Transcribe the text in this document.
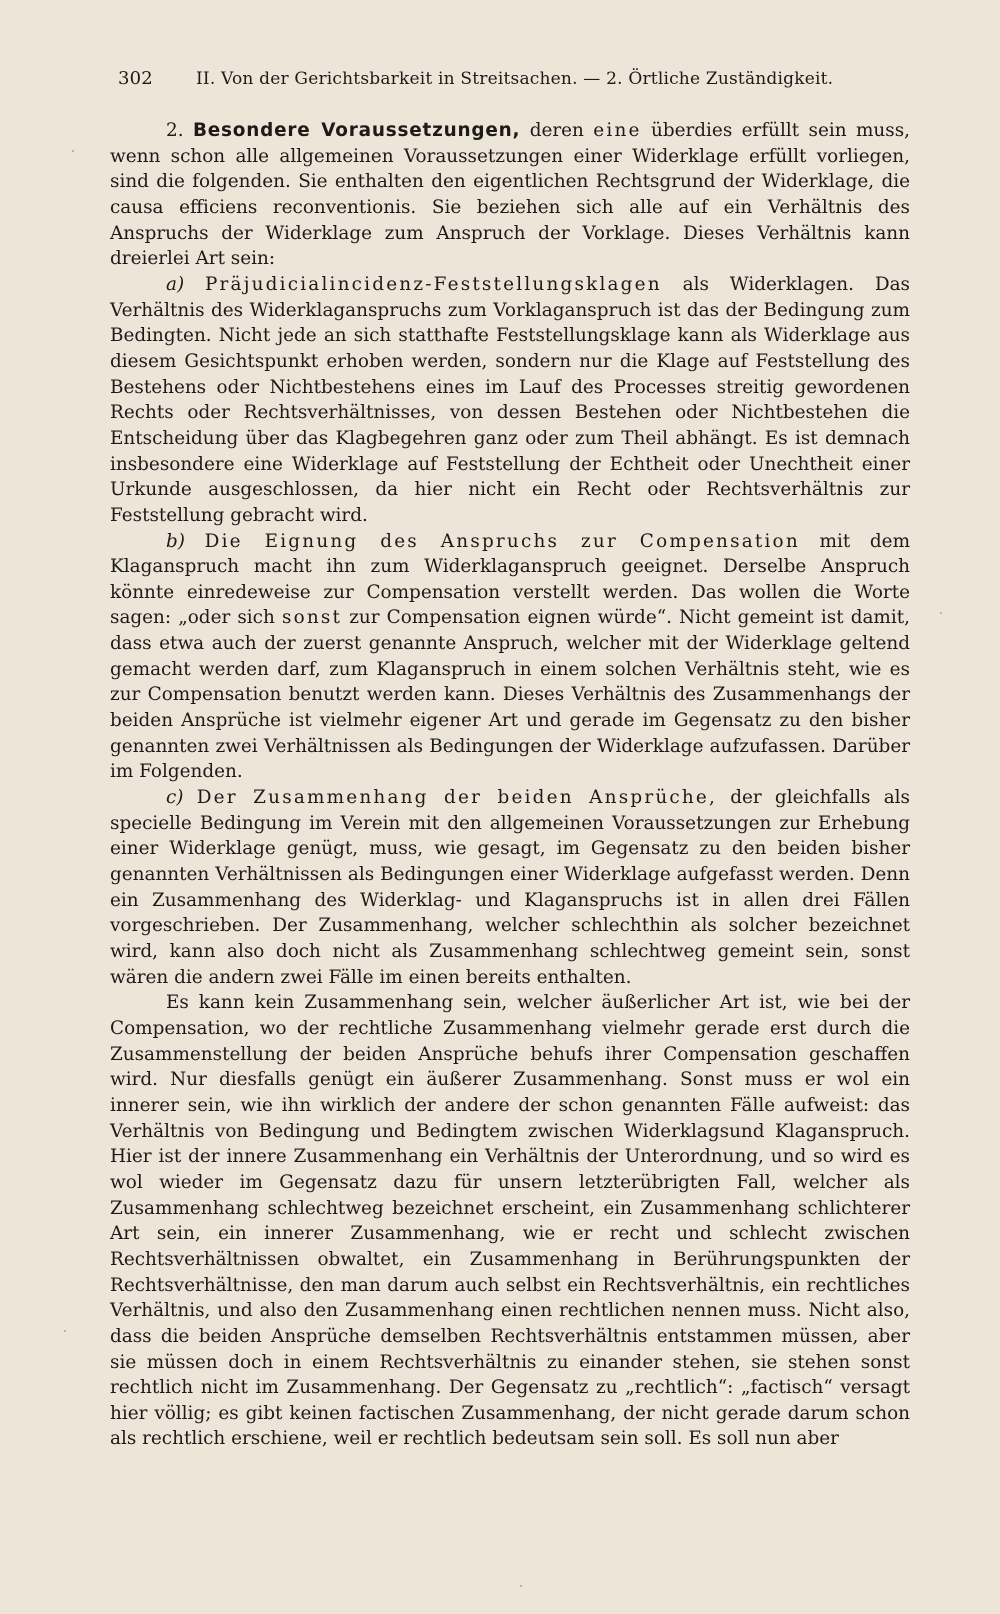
302	II. Von der Gerichtsbarkeit in Streitsachen. — 2. Örtliche Zuständigkeit.

2. Besondere Voraussetzungen, deren eine überdies erfüllt sein muss, wenn schon alle allgemeinen Voraussetzungen einer Widerklage erfüllt vorliegen, sind die folgenden. Sie enthalten den eigentlichen Rechtsgrund der Widerklage, die causa efficiens reconventionis. Sie beziehen sich alle auf ein Verhältnis des Anspruchs der Widerklage zum Anspruch der Vorklage. Dieses Verhältnis kann dreierlei Art sein:

a) Präjudicialincidenz-Feststellungsklagen als Widerklagen. Das Verhältnis des Widerklaganspruchs zum Vorklaganspruch ist das der Bedingung zum Bedingten. Nicht jede an sich statthafte Feststellungsklage kann als Widerklage aus diesem Gesichtspunkt erhoben werden, sondern nur die Klage auf Feststellung des Bestehens oder Nichtbestehens eines im Lauf des Processes streitig gewordenen Rechts oder Rechtsverhältnisses, von dessen Bestehen oder Nichtbestehen die Entscheidung über das Klagbegehren ganz oder zum Theil abhängt. Es ist demnach insbesondere eine Widerklage auf Feststellung der Echtheit oder Unechtheit einer Urkunde ausgeschlossen, da hier nicht ein Recht oder Rechtsverhältnis zur Feststellung gebracht wird.

b) Die Eignung des Anspruchs zur Compensation mit dem Klaganspruch macht ihn zum Widerklaganspruch geeignet. Derselbe Anspruch könnte einredeweise zur Compensation verstellt werden. Das wollen die Worte sagen: „oder sich sonst zur Compensation eignen würde“. Nicht gemeint ist damit, dass etwa auch der zuerst genannte Anspruch, welcher mit der Widerklage geltend gemacht werden darf, zum Klaganspruch in einem solchen Verhältnis steht, wie es zur Compensation benutzt werden kann. Dieses Verhältnis des Zusammenhangs der beiden Ansprüche ist vielmehr eigener Art und gerade im Gegensatz zu den bisher genannten zwei Verhältnissen als Bedingungen der Widerklage aufzufassen. Darüber im Folgenden.

c) Der Zusammenhang der beiden Ansprüche, der gleichfalls als specielle Bedingung im Verein mit den allgemeinen Voraussetzungen zur Erhebung einer Widerklage genügt, muss, wie gesagt, im Gegensatz zu den beiden bisher genannten Verhältnissen als Bedingungen einer Widerklage aufgefasst werden. Denn ein Zusammenhang des Widerklag- und Klaganspruchs ist in allen drei Fällen vorgeschrieben. Der Zusammenhang, welcher schlechthin als solcher bezeichnet wird, kann also doch nicht als Zusammenhang schlechtweg gemeint sein, sonst wären die andern zwei Fälle im einen bereits enthalten.

Es kann kein Zusammenhang sein, welcher äußerlicher Art ist, wie bei der Compensation, wo der rechtliche Zusammenhang vielmehr gerade erst durch die Zusammenstellung der beiden Ansprüche behufs ihrer Compensation geschaffen wird. Nur diesfalls genügt ein äußerer Zusammenhang. Sonst muss er wol ein innerer sein, wie ihn wirklich der andere der schon genannten Fälle aufweist: das Verhältnis von Bedingung und Bedingtem zwischen Widerklagsund Klaganspruch. Hier ist der innere Zusammenhang ein Verhältnis der Unterordnung, und so wird es wol wieder im Gegensatz dazu für unsern letzterübrigten Fall, welcher als Zusammenhang schlechtweg bezeichnet erscheint, ein Zusammenhang schlichterer Art sein, ein innerer Zusammenhang, wie er recht und schlecht zwischen Rechtsverhältnissen obwaltet, ein Zusammenhang in Berührungspunkten der Rechtsverhältnisse, den man darum auch selbst ein Rechtsverhältnis, ein rechtliches Verhältnis, und also den Zusammenhang einen rechtlichen nennen muss. Nicht also, dass die beiden Ansprüche demselben Rechtsverhältnis entstammen müssen, aber sie müssen doch in einem Rechtsverhältnis zu einander stehen, sie stehen sonst rechtlich nicht im Zusammenhang. Der Gegensatz zu „rechtlich“: „factisch“ versagt hier völlig; es gibt keinen factischen Zusammenhang, der nicht gerade darum schon als rechtlich erschiene, weil er rechtlich bedeutsam sein soll. Es soll nun aber
